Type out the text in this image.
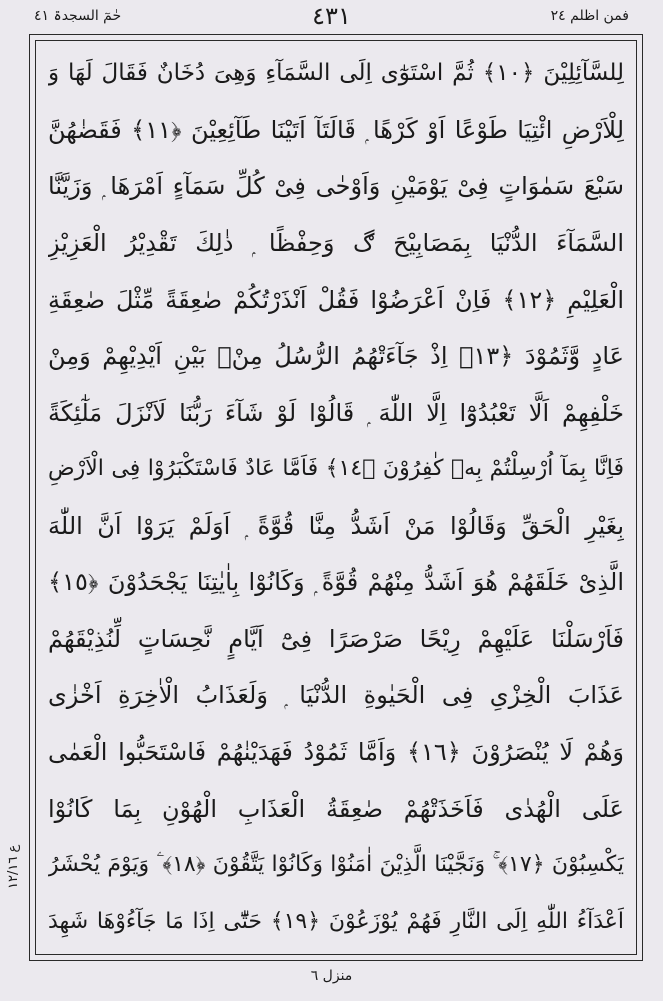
حٰمٓ السجدۃ ٤١	٤٣١	فمن اظلم ٢٤
ع ١٢/١٦
لِلسَّآئِلِيْنَ ﴿١٠﴾ ثُمَّ اسْتَوٰٓى اِلَى السَّمَآءِ وَهِىَ دُخَانٌ فَقَالَ لَهَا وَ
لِلْاَرْضِ ائْتِيَا طَوْعًا اَوْ كَرْهًا ۭ قَالَتَآ اَتَيْنَا طَآئِعِيْنَ ﴿١١﴾ فَقَضٰهُنَّ
سَبْعَ سَمٰوَاتٍ فِىْ يَوْمَيْنِ وَاَوْحٰى فِىْ كُلِّ سَمَآءٍ اَمْرَهَا ۭ وَزَيَّنَّا
السَّمَآءَ الدُّنْيَا بِمَصَابِيْحَ ڰ وَحِفْظًا ۭ ذٰلِكَ تَقْدِيْرُ الْعَزِيْزِ
الْعَلِيْمِ ﴿١٢﴾ فَاِنْ اَعْرَضُوْا فَقُلْ اَنْذَرْتُكُمْ صٰعِقَةً مِّثْلَ صٰعِقَةِ
عَادٍ وَّثَمُوْدَ ﴿١٣﴾ اِذْ جَآءَتْهُمُ الرُّسُلُ مِنْۢ بَيْنِ اَيْدِيْهِمْ وَمِنْ
خَلْفِهِمْ اَلَّا تَعْبُدُوْٓا اِلَّا اللّٰهَ ۭ قَالُوْا لَوْ شَآءَ رَبُّنَا لَاَنْزَلَ مَلٰٓئِكَةً
فَاِنَّا بِمَآ اُرْسِلْتُمْ بِهٖ كٰفِرُوْنَ ﴿١٤﴾ فَاَمَّا عَادٌ فَاسْتَكْبَرُوْا فِى الْاَرْضِ
بِغَيْرِ الْحَقِّ وَقَالُوْا مَنْ اَشَدُّ مِنَّا قُوَّةً ۭ اَوَلَمْ يَرَوْا اَنَّ اللّٰهَ
الَّذِىْ خَلَقَهُمْ هُوَ اَشَدُّ مِنْهُمْ قُوَّةً ۭ وَكَانُوْا بِاٰيٰتِنَا يَجْحَدُوْنَ ﴿١٥﴾
فَاَرْسَلْنَا عَلَيْهِمْ رِيْحًا صَرْصَرًا فِىْٓ اَيَّامٍ نَّحِسَاتٍ لِّنُذِيْقَهُمْ
عَذَابَ الْخِزْىِ فِى الْحَيٰوةِ الدُّنْيَا ۭ وَلَعَذَابُ الْاٰخِرَةِ اَخْزٰى
وَهُمْ لَا يُنْصَرُوْنَ ﴿١٦﴾ وَاَمَّا ثَمُوْدُ فَهَدَيْنٰهُمْ فَاسْتَحَبُّوا الْعَمٰى
عَلَى الْهُدٰى فَاَخَذَتْهُمْ صٰعِقَةُ الْعَذَابِ الْهُوْنِ بِمَا كَانُوْا
يَكْسِبُوْنَ ﴿١٧﴾ ۚ وَنَجَّيْنَا الَّذِيْنَ اٰمَنُوْا وَكَانُوْا يَتَّقُوْنَ ﴿١٨﴾ ۧ وَيَوْمَ يُحْشَرُ
اَعْدَآءُ اللّٰهِ اِلَى النَّارِ فَهُمْ يُوْزَعُوْنَ ﴿١٩﴾ حَتّٰٓى اِذَا مَا جَآءُوْهَا شَهِدَ
منزل ٦
